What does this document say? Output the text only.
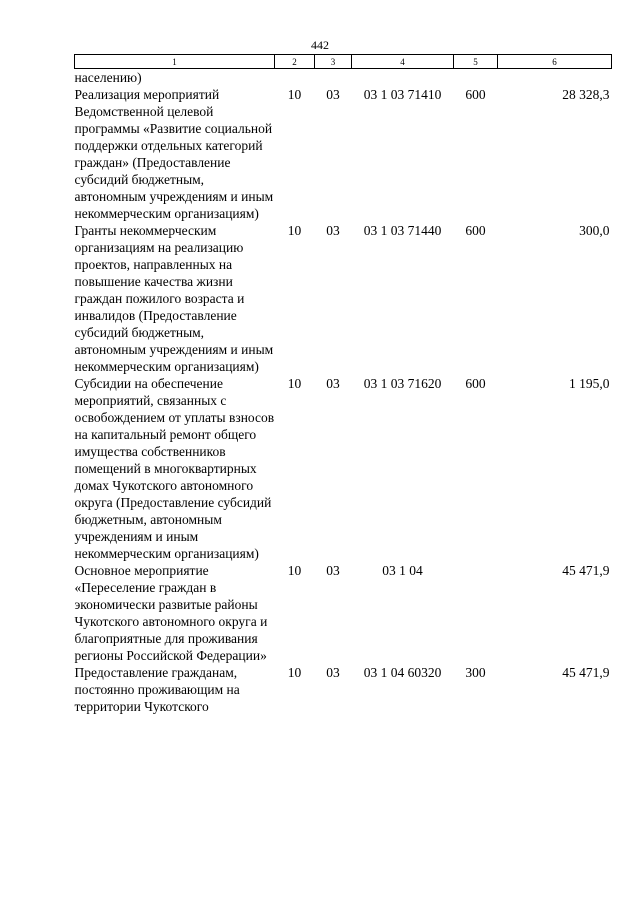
442
1	2	3	4	5	6
населению)					
Реализация мероприятий Ведомственной целевой программы «Развитие социальной поддержки отдельных категорий граждан» (Предоставление субсидий бюджетным, автономным учреждениям и иным некоммерческим организациям)	10	03	03 1 03 71410	600	28 328,3
Гранты некоммерческим организациям на реализацию проектов, направленных на повышение качества жизни граждан пожилого возраста и инвалидов (Предоставление субсидий бюджетным, автономным учреждениям и иным некоммерческим организациям)	10	03	03 1 03 71440	600	300,0
Субсидии на обеспечение мероприятий, связанных с освобождением от уплаты взносов на капитальный ремонт общего имущества собственников помещений в многоквартирных домах Чукотского автономного округа (Предоставление субсидий бюджетным, автономным учреждениям и иным некоммерческим организациям)	10	03	03 1 03 71620	600	1 195,0
Основное мероприятие «Переселение граждан в экономически развитые районы Чукотского автономного округа и благоприятные для проживания регионы Российской Федерации»	10	03	03 1 04		45 471,9
Предоставление гражданам, постоянно проживающим на территории Чукотского	10	03	03 1 04 60320	300	45 471,9
